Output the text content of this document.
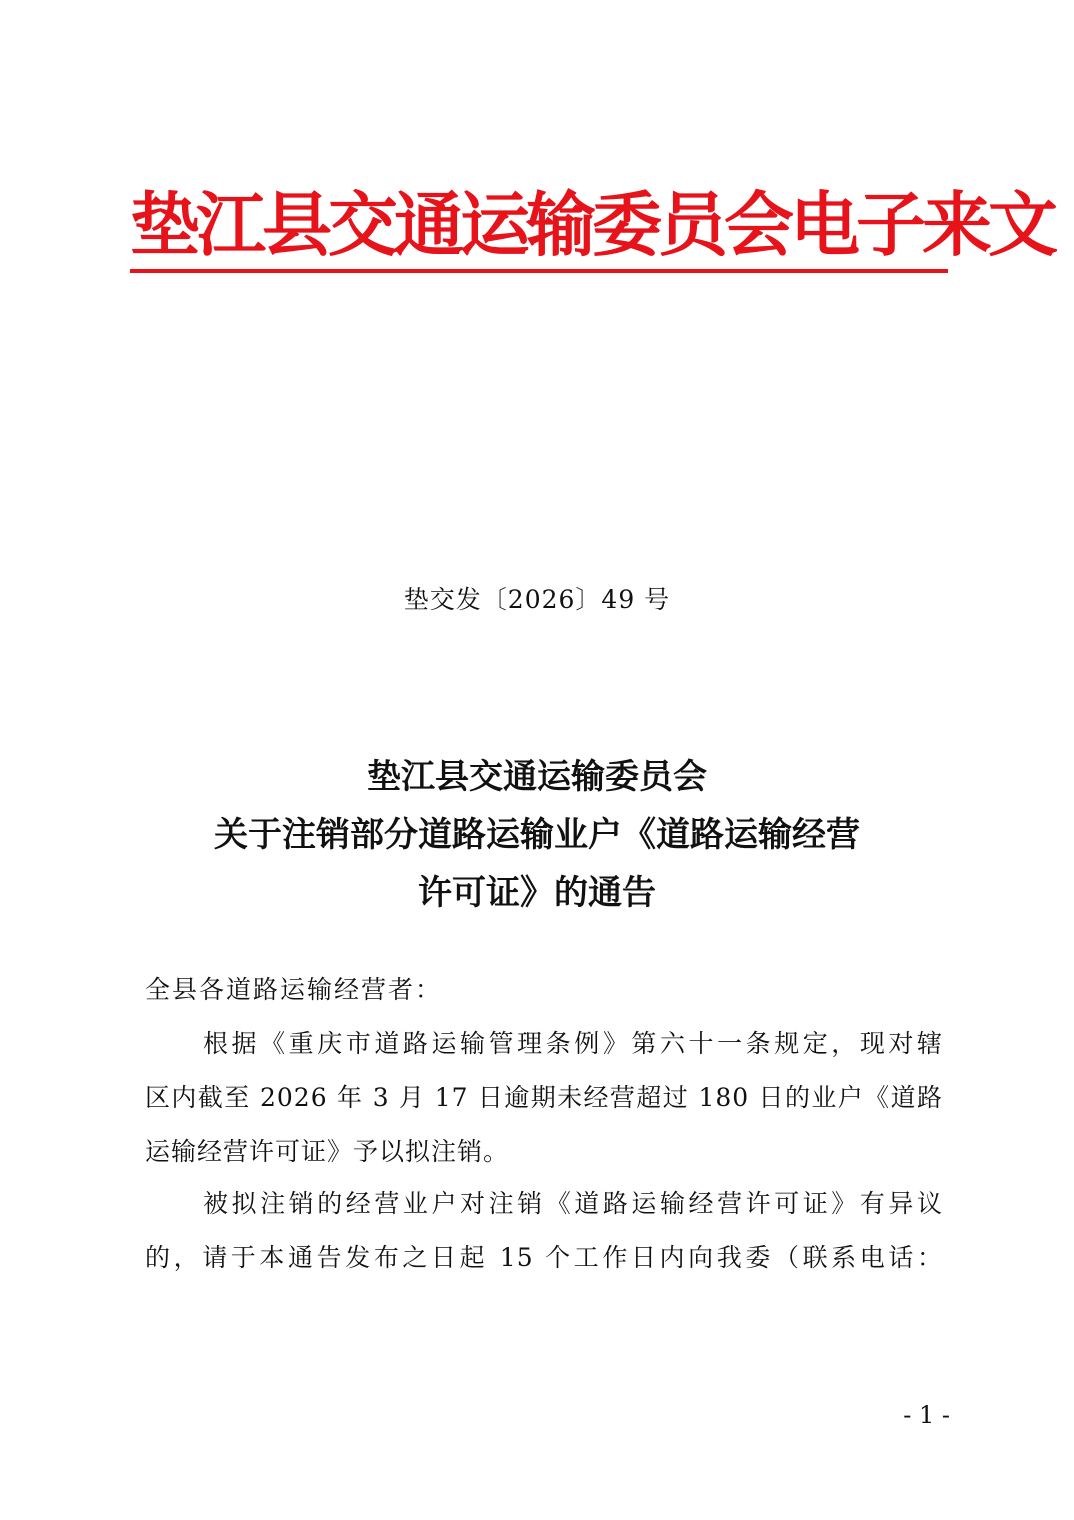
垫江县交通运输委员会电子来文
垫交发〔2026〕49 号
垫江县交通运输委员会
关于注销部分道路运输业户《道路运输经营
许可证》的通告
全县各道路运输经营者：
根据《重庆市道路运输管理条例》第六十一条规定，现对辖
区内截至 2026 年 3 月 17 日逾期未经营超过 180 日的业户《道路
运输经营许可证》予以拟注销。
被拟注销的经营业户对注销《道路运输经营许可证》有异议
的，请于本通告发布之日起 15 个工作日内向我委（联系电话：
- 1 -
